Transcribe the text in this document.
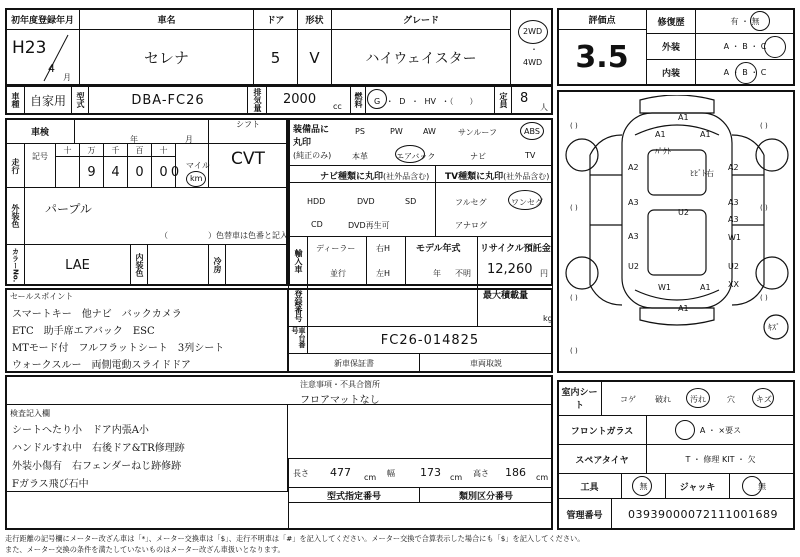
初年度登録年月	車名	ドア	形状	グレード
H23
4
月
セレナ	5	V	ハイウェイスター
2WD
・
4WD
車種 自家用	型式	DBA-FC26	排気量 2000 cc 燃料 G ・ D ・ HV ・（　　）	定員 8
人
車検
年	月
シフト
CVT
走行
記号
十	万	千	百	十
9	4	0	0 0 マイル
km
外装色 パープル
（　　　　　）色替車は色番と記入
カラーNo.	LAE	内装色	冷房
装備品に丸印
(純正のみ)
PS	PW	AW	サンルーフ	ABS
本革	エアバック	ナビ	TV
ナビ種類に丸印(社外品含む)
HDD	DVD	SD
CD	DVD再生可
TV種類に丸印(社外品含む)
フルセグ	ワンセグ
アナログ
輸入車
ディーラー
並行
右H
左H
モデル年式
年 不明
リサイクル預託金
12,260 円
セールスポイント
スマートキー　他ナビ　バックカメラ
ETC　助手席エアバック　ESC
MTモード付　フルフラットシート　3列シート
ウォークスルー　両側電動スライドドア
登録番号	最大積載量
kg
車台番号
FC26-014825
新車保証書	車両取説
注意事項・不具合箇所
フロアマットなし
検査記入欄
シートへたり小　ドア内張A小
ハンドルすれ中　右後ドア&TR修理跡
外装小傷有　右フェンダーねじ跡修跡
Fガラス飛び石中
長さ 477 cm 幅 173 cm 高さ 186 cm
型式指定番号	類別区分番号
評価点
3.5
修復歴	有 ・ 無
外装	A ・ B ・ C
内装	A ・ B ・ C
( )	( )
( )	( )
( )	( )
( )
A1
A1	A1
ﾊﾟｸﾄ
A2	A2
ﾋﾋﾞﾄ右
A3	A3
U2
A3
A3
W1
U2	U2
W1	A1 XX
A1
ｷｽﾞ
室内シート
コゲ 破れ 汚れ	穴	キズ
フロントガラス	A ・ ×要ス
スペアタイヤ	T ・ 修理 KIT ・ 欠
工具	無	ジャッキ	無
管理番号	03939000072111001689
走行距離の記号欄にメーター改ざん車は「*」、メーター交換車は「$」、走行不明車は「#」を記入してください。メーター交換で合算表示した場合にも「$」を記入してください。
また、メーター交換の条件を満たしていないものはメーター改ざん車扱いとなります。
